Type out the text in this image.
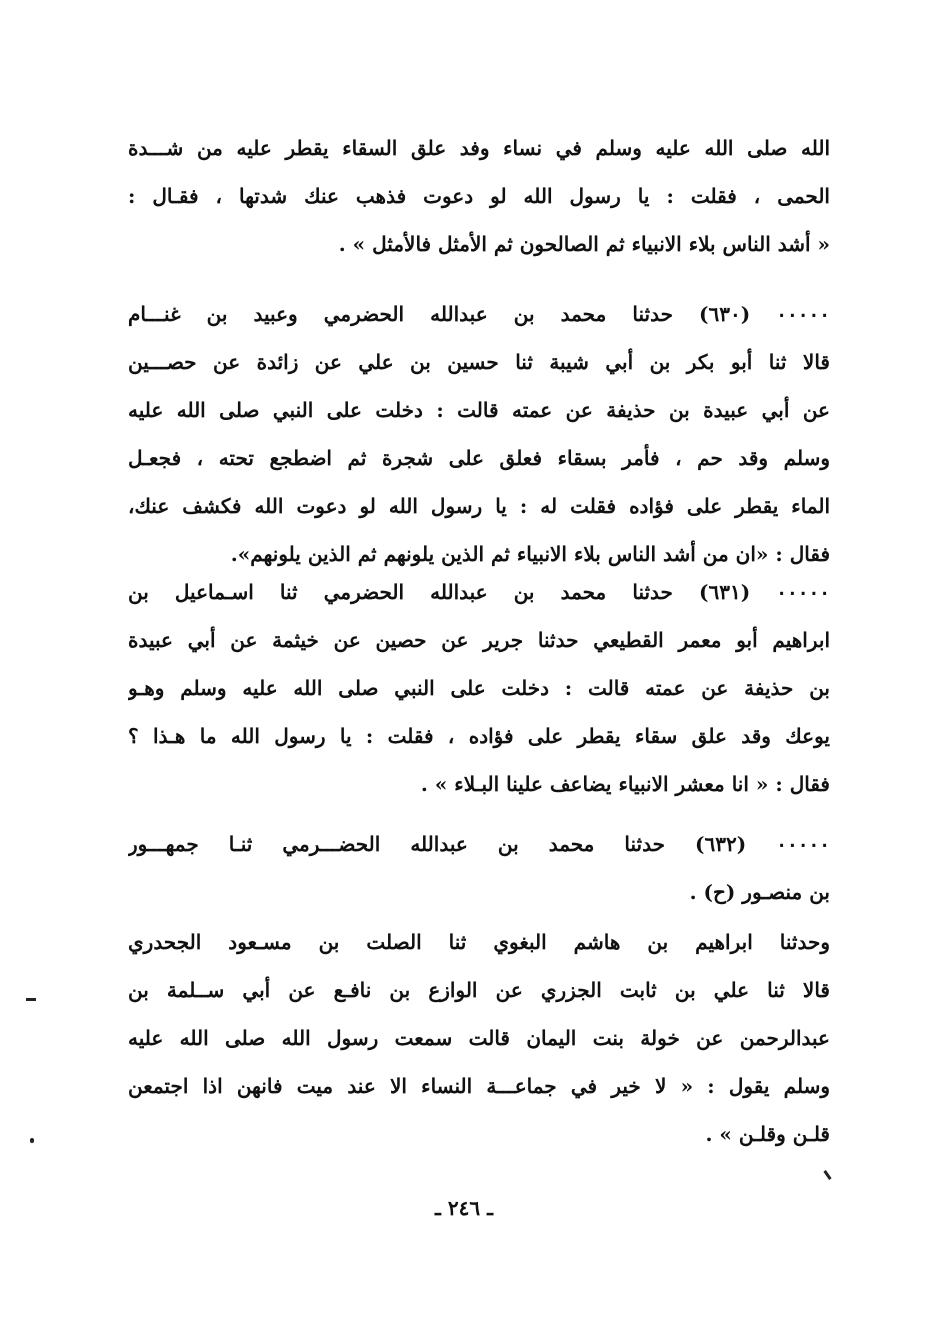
الله صلى الله عليه وسلم في نساء وفد علق السقاء يقطر عليه من شـــدة
الحمى ، فقلت : يا رسول الله لو دعوت فذهب عنك شدتها ، فقـال :
« أشد الناس بلاء الانبياء ثم الصالحون ثم الأمثل فالأمثل » .
٠٠٠٠٠ (٦٣٠) حدثنا محمد بن عبدالله الحضرمي وعبيد بن غنـــام
قالا ثنا أبو بكر بن أبي شيبة ثنا حسين بن علي عن زائدة عن حصـــين
عن أبي عبيدة بن حذيفة عن عمته قالت : دخلت على النبي صلى الله عليه
وسلم وقد حم ، فأمر بسقاء فعلق على شجرة ثم اضطجع تحته ، فجعـل
الماء يقطر على فؤاده فقلت له : يا رسول الله لو دعوت الله فكشف عنك،
فقال : «ان من أشد الناس بلاء الانبياء ثم الذين يلونهم ثم الذين يلونهم».
٠٠٠٠٠ (٦٣١) حدثنا محمد بن عبدالله الحضرمي ثنا اسـماعيل بن
ابراهيم أبو معمر القطيعي حدثنا جرير عن حصين عن خيثمة عن أبي عبيدة
بن حذيفة عن عمته قالت : دخلت على النبي صلى الله عليه وسلم وهـو
يوعك وقد علق سقاء يقطر على فؤاده ، فقلت : يا رسول الله ما هـذا ؟
فقال : « انا معشر الانبياء يضاعف علينا البـلاء » .
٠٠٠٠٠ (٦٣٢) حدثنا محمد بن عبدالله الحضـــرمي ثنـا جمهـــور
بن منصـور (ح) .
وحدثنا ابراهيم بن هاشم البغوي ثنا الصلت بن مسـعود الجحدري
قالا ثنا علي بن ثابت الجزري عن الوازع بن نافـع عن أبي ســلمة بن
عبدالرحمن عن خولة بنت اليمان قالت سمعت رسول الله صلى الله عليه
وسلم يقول : « لا خير في جماعـــة النساء الا عند ميت فانهن اذا اجتمعن
قلـن وقلـن » .
ـ ٢٤٦ ـ
